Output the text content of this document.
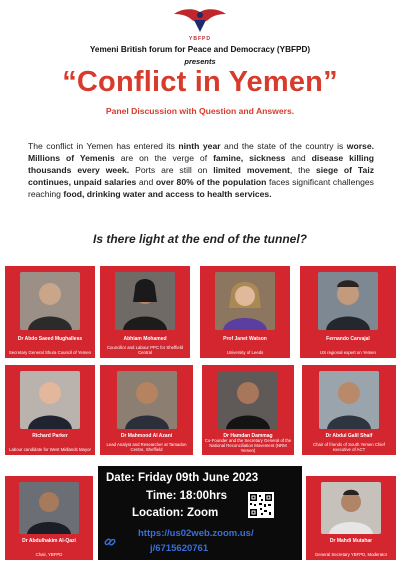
YBFPD
Yemeni British forum for Peace and Democracy (YBFPD)
presents
“Conflict in Yemen”
Panel Discussion with Question and Answers.
The conflict in Yemen has entered its ninth year and the state of the country is worse. Millions of Yemenis are on the verge of famine, sickness and disease killing thousands every week. Ports are still on limited movement, the siege of Taiz continues, unpaid salaries and over 80% of the population faces significant challenges reaching food, drinking water and access to health services.
Is there light at the end of the tunnel?
Dr Abdo Saeed Mughalless
Secretary General Shura Council of Yemen
Abhiam Mohamed
Councillor and Labour PPC for Sheffield Central
Prof Janet Watson
University of Leeds
Fernando Carvajal
US regional expert on Yemen
Richard Parker
Labour candidate for West Midlands Mayor
Dr Mahmood Al Azani
Lead Analyst and Researcher at Tamadon Centre, Sheffield
Dr Hamdan Dammag
Co-Founder and the Secretary General of the National Reconciliation Movement (NRM Yemen)
Dr Abdul Galil Shaif
Chair of friends of South Yemen Chief executive of ACT
Dr Abdulhakim Al-Qazi
Chair, YBFPD
Date: Friday 09th June 2023
Time: 18:00hrs
Location: Zoom
https://us02web.zoom.us/
j/6715620761
Dr Mahdi Mutahar
General Secretary YBFPD, Moderator
